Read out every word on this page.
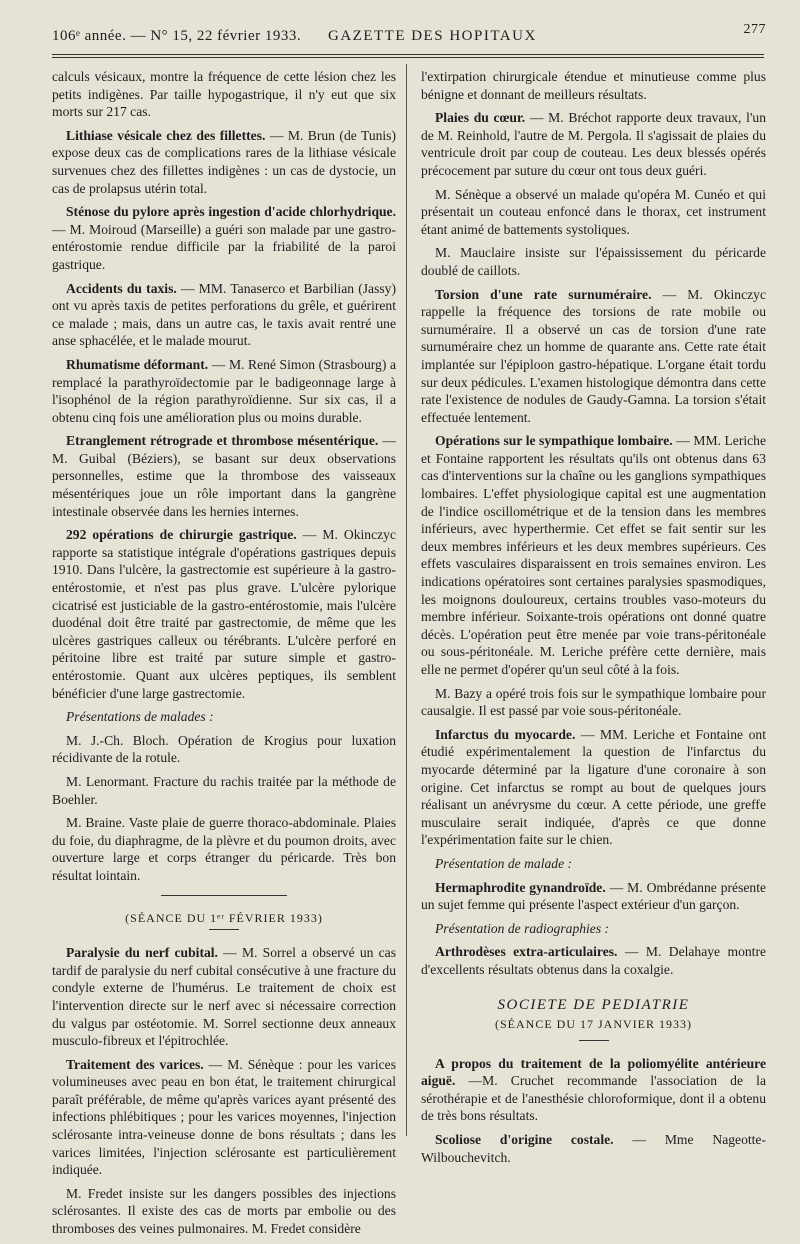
106ᵉ année. — N° 15, 22 février 1933. GAZETTE DES HOPITAUX	277

calculs vésicaux, montre la fréquence de cette lésion chez les petits indigènes. Par taille hypogastrique, il n'y eut que six morts sur 217 cas.

Lithiase vésicale chez des fillettes. — M. Brun (de Tunis) expose deux cas de complications rares de la lithiase vésicale survenues chez des fillettes indigènes : un cas de dystocie, un cas de prolapsus utérin total.

Sténose du pylore après ingestion d'acide chlorhydrique. — M. Moiroud (Marseille) a guéri son malade par une gastro-entérostomie rendue difficile par la friabilité de la paroi gastrique.

Accidents du taxis. — MM. Tanaserco et Barbilian (Jassy) ont vu après taxis de petites perforations du grêle, et guérirent ce malade ; mais, dans un autre cas, le taxis avait rentré une anse sphacélée, et le malade mourut.

Rhumatisme déformant. — M. René Simon (Strasbourg) a remplacé la parathyroïdectomie par le badigeonnage large à l'isophénol de la région parathyroïdienne. Sur six cas, il a obtenu cinq fois une amélioration plus ou moins durable.

Etranglement rétrograde et thrombose mésentérique. — M. Guibal (Béziers), se basant sur deux observations personnelles, estime que la thrombose des vaisseaux mésentériques joue un rôle important dans la gangrène intestinale observée dans les hernies internes.

292 opérations de chirurgie gastrique. — M. Okinczyc rapporte sa statistique intégrale d'opérations gastriques depuis 1910. Dans l'ulcère, la gastrectomie est supérieure à la gastro-entérostomie, et n'est pas plus grave. L'ulcère pylorique cicatrisé est justiciable de la gastro-entérostomie, mais l'ulcère duodénal doit être traité par gastrectomie, de même que les ulcères gastriques calleux ou térébrants. L'ulcère perforé en péritoine libre est traité par suture simple et gastro-entérostomie. Quant aux ulcères peptiques, ils semblent bénéficier d'une large gastrectomie.

Présentations de malades :

M. J.-Ch. Bloch. Opération de Krogius pour luxation récidivante de la rotule.

M. Lenormant. Fracture du rachis traitée par la méthode de Boehler.

M. Braine. Vaste plaie de guerre thoraco-abdominale. Plaies du foie, du diaphragme, de la plèvre et du poumon droits, avec ouverture large et corps étranger du péricarde. Très bon résultat lointain.

(SÉANCE DU 1ᵉʳ FÉVRIER 1933)

Paralysie du nerf cubital. — M. Sorrel a observé un cas tardif de paralysie du nerf cubital consécutive à une fracture du condyle externe de l'humérus. Le traitement de choix est l'intervention directe sur le nerf avec si nécessaire correction du valgus par ostéotomie. M. Sorrel sectionne deux anneaux musculo-fibreux et l'épitrochlée.

Traitement des varices. — M. Sénèque : pour les varices volumineuses avec peau en bon état, le traitement chirurgical paraît préférable, de même qu'après varices ayant présenté des infections phlébitiques ; pour les varices moyennes, l'injection sclérosante intra-veineuse donne de bons résultats ; dans les varices limitées, l'injection sclérosante est particulièrement indiquée.

M. Fredet insiste sur les dangers possibles des injections sclérosantes. Il existe des cas de morts par embolie ou des thromboses des veines pulmonaires. M. Fredet considère

l'extirpation chirurgicale étendue et minutieuse comme plus bénigne et donnant de meilleurs résultats.

Plaies du cœur. — M. Bréchot rapporte deux travaux, l'un de M. Reinhold, l'autre de M. Pergola. Il s'agissait de plaies du ventricule droit par coup de couteau. Les deux blessés opérés précocement par suture du cœur ont tous deux guéri.

M. Sénèque a observé un malade qu'opéra M. Cunéo et qui présentait un couteau enfoncé dans le thorax, cet instrument étant animé de battements systoliques.

M. Mauclaire insiste sur l'épaississement du péricarde doublé de caillots.

Torsion d'une rate surnuméraire. — M. Okinczyc rappelle la fréquence des torsions de rate mobile ou surnuméraire. Il a observé un cas de torsion d'une rate surnuméraire chez un homme de quarante ans. Cette rate était implantée sur l'épiploon gastro-hépatique. L'organe était tordu sur deux pédicules. L'examen histologique démontra dans cette rate l'existence de nodules de Gaudy-Gamna. La torsion s'était effectuée lentement.

Opérations sur le sympathique lombaire. — MM. Leriche et Fontaine rapportent les résultats qu'ils ont obtenus dans 63 cas d'interventions sur la chaîne ou les ganglions sympathiques lombaires. L'effet physiologique capital est une augmentation de l'indice oscillométrique et de la tension dans les membres inférieurs, avec hyperthermie. Cet effet se fait sentir sur les deux membres inférieurs et les deux membres supérieurs. Ces effets vasculaires disparaissent en trois semaines environ. Les indications opératoires sont certaines paralysies spasmodiques, les moignons douloureux, certains troubles vaso-moteurs du membre inférieur. Soixante-trois opérations ont donné quatre décès. L'opération peut être menée par voie trans-péritonéale ou sous-péritonéale. M. Leriche préfère cette dernière, mais elle ne permet d'opérer qu'un seul côté à la fois.

M. Bazy a opéré trois fois sur le sympathique lombaire pour causalgie. Il est passé par voie sous-péritonéale.

Infarctus du myocarde. — MM. Leriche et Fontaine ont étudié expérimentalement la question de l'infarctus du myocarde déterminé par la ligature d'une coronaire à son origine. Cet infarctus se rompt au bout de quelques jours réalisant un anévrysme du cœur. A cette période, une greffe musculaire serait indiquée, d'après ce que donne l'expérimentation faite sur le chien.

Présentation de malade :

Hermaphrodite gynandroïde. — M. Ombrédanne présente un sujet femme qui présente l'aspect extérieur d'un garçon.

Présentation de radiographies :

Arthrodèses extra-articulaires. — M. Delahaye montre d'excellents résultats obtenus dans la coxalgie.

SOCIETE DE PEDIATRIE

(SÉANCE DU 17 JANVIER 1933)

A propos du traitement de la poliomyélite antérieure aiguë. —M. Cruchet recommande l'association de la sérothérapie et de l'anesthésie chloroformique, dont il a obtenu de très bons résultats.

Scoliose d'origine costale. — Mme Nageotte-Wilbouchevitch.
